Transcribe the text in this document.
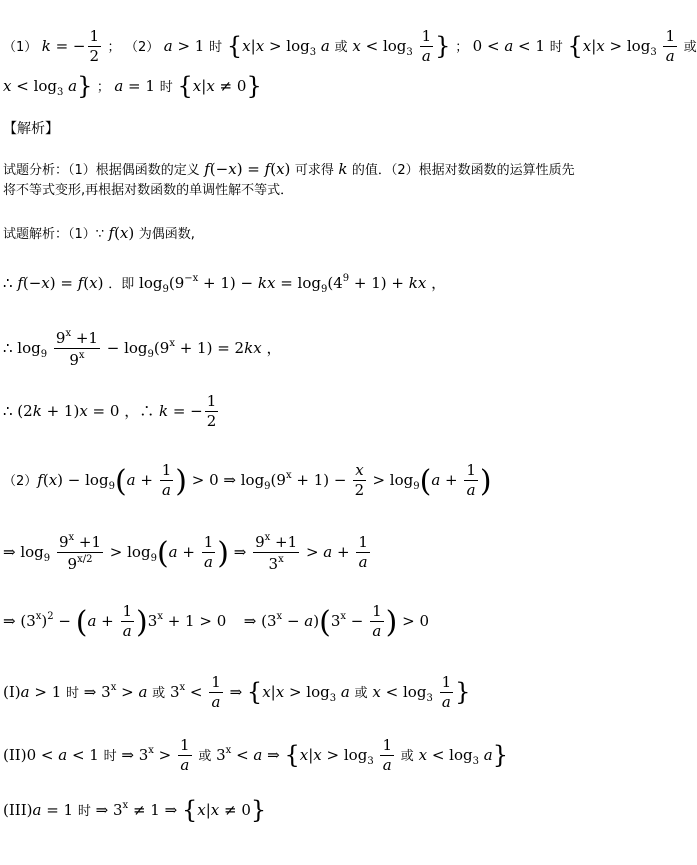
（1） k = − $\frac{1}{2}$ ； （2） a > 1 时 {$x|x > \log_3 a$ 或 $x < \log_3 \frac{1}{a}$ } ； 0 < a < 1 时 {$x|x > \log_3 \frac{1}{a}$ 或
$x < \log_3 a$} ； a = 1 时 {x|x ≠ 0}
【解析】
试题分析：（1）根据偶函数的定义 f(−x) = f(x) 可求得 k 的值．（2）根据对数函数的运算性质先
将不等式变形,再根据对数函数的单调性解不等式．
试题解析：（1）∵ f(x) 为偶函数,
∴ f(−x) = f(x) ．即 $\log_9(9^{-x} + 1)$ − kx = $\log_9(4^9 + 1)$ + kx ，
∴ $\log_9 \frac{9^x +1}{9^x} - \log_9(9^x + 1) = 2kx$ ，
∴ (2k + 1)x = 0 ，∴ k = − $\frac{1}{2}$
$(2)f(x) - \log_9(a + \frac{1}{a}$ ) > 0 ⇒ $\log_9(9^x + 1) - \frac{x}{2} > \log_9(a + \frac{1}{a}$ )
⇒ $\log_9 \frac{9^x +1}{9^{x/2}} > \log_9(a + \frac{1}{a}$ ) ⇒ $\frac{9^x +1}{3^x} > a + \frac{1}{a}$
⇒ $(3^x)^2 - (a + \frac{1}{a} )3^x + 1 > 0$  ⇒ $(3^x - a)(3^x - \frac{1}{a}$ ) > 0
(I)a > 1 时 ⇒ $3^x > a$ 或 $3^x < \frac{1}{a}$ ⇒ {$x|x > \log_3 a$ 或 $x < \log_3 \frac{1}{a}$ }
(II)0 < a < 1 时 ⇒ $3^x > \frac{1}{a}$ 或 $3^x < a$ ⇒ {$x|x > \log_3 \frac{1}{a}$ 或 $x < \log_3 a$}
(III)a = 1 时 ⇒ $3^x \ne 1$ ⇒ {x|x ≠ 0}
